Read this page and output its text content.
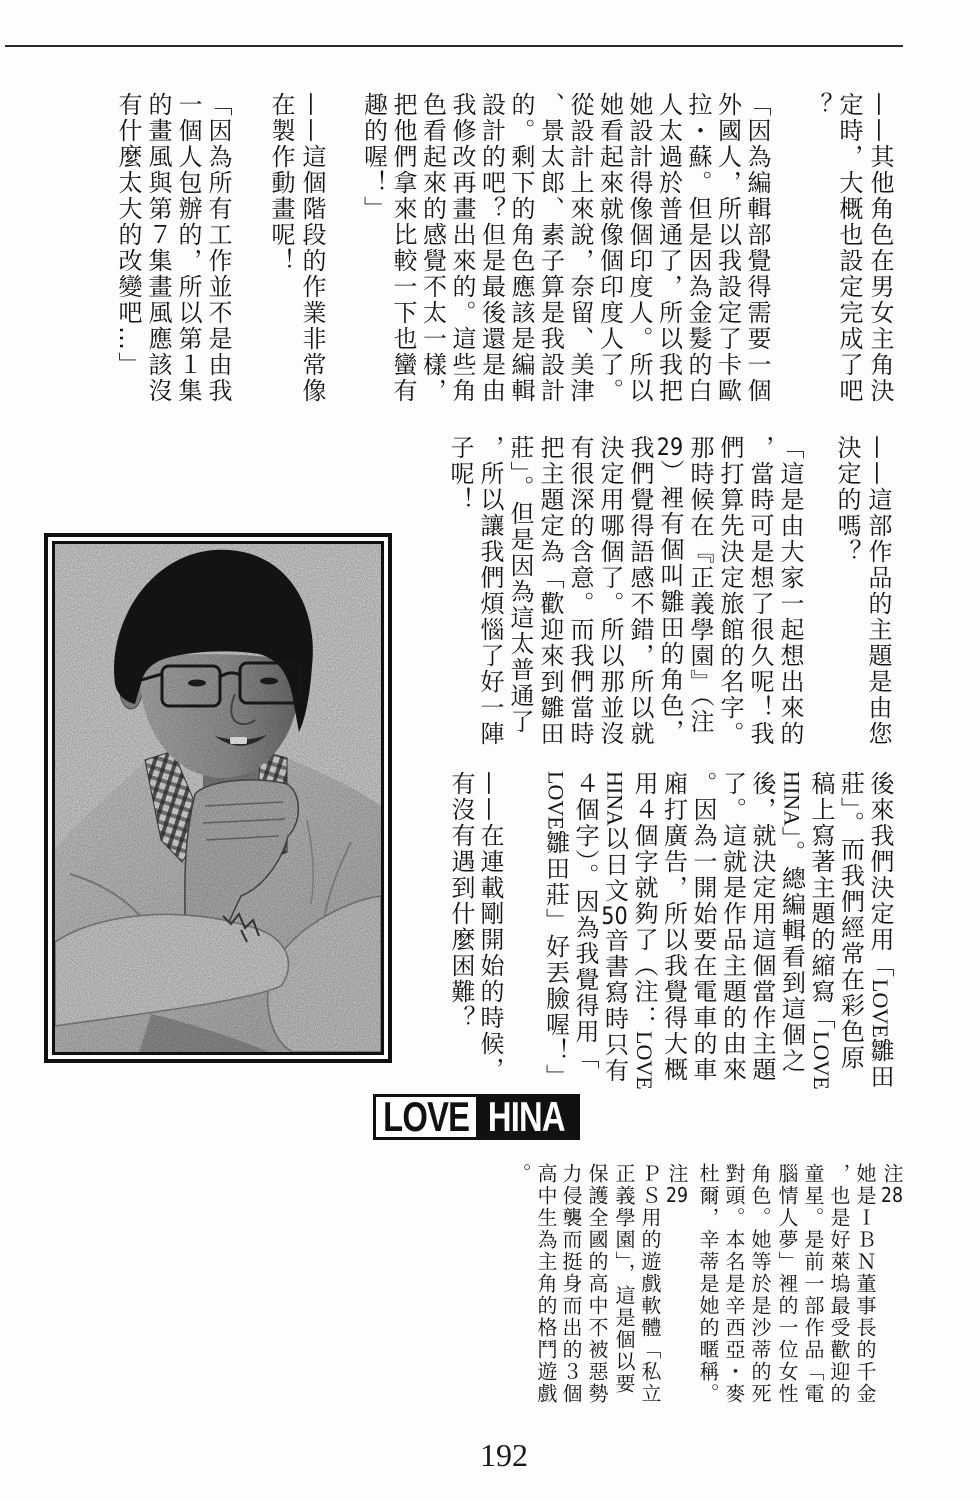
——其他角色在男女主角決
定時，大概也設定完成了吧
？
「因為編輯部覺得需要一個
外國人，所以我設定了卡歐
拉・蘇。但是因為金髮的白
人太過於普通了，所以我把
她設計得像個印度人。所以
她看起來就像個印度人了。
從設計上來說，奈留、美津
、景太郎、素子算是我設計
的。剩下的角色應該是編輯
設計的吧？但是最後還是由
我修改再畫出來的。這些角
色看起來的感覺不太一樣，
把他們拿來比較一下也蠻有
趣的喔！」
——這個階段的作業非常像
在製作動畫呢！
「因為所有工作並不是由我
一個人包辦的，所以第１集
的畫風與第７集畫風應該沒
有什麼太大的改變吧…」
——這部作品的主題是由您
決定的嗎？
「這是由大家一起想出來的
，當時可是想了很久呢！我
們打算先決定旅館的名字。
那時候在『正義學園』（注
29）裡有個叫雛田的角色，
我們覺得語感不錯，所以就
決定用哪個了。所以那並沒
有很深的含意。而我們當時
把主題定為「歡迎來到雛田
莊」。但是因為這太普通了
，所以讓我們煩惱了好一陣
子呢！
後來我們決定用「LOVE雛田
莊」。而我們經常在彩色原
稿上寫著主題的縮寫「LOVE
HINA」。總編輯看到這個之
後，就決定用這個當作主題
了。這就是作品主題的由來
。因為一開始要在電車的車
廂打廣告，所以我覺得大概
用４個字就夠了（注：LOVE
HINA以日文50音書寫時只有
４個字）。因為我覺得用「
LOVE雛田莊」好丟臉喔！」
——在連載剛開始的時候，
有沒有遇到什麼困難？
LOVE HINA
注28
她是ＩＢＮ董事長的千金
，也是好萊塢最受歡迎的
童星。是前一部作品「電
腦情人夢」裡的一位女性
角色。她等於是沙蒂的死
對頭。本名是辛西亞・麥
杜爾，辛蒂是她的暱稱。
注29
ＰＳ用的遊戲軟體「私立
正義學園」，這是個以要
保護全國的高中不被惡勢
力侵襲而挺身而出的３個
高中生為主角的格鬥遊戲
。
192
